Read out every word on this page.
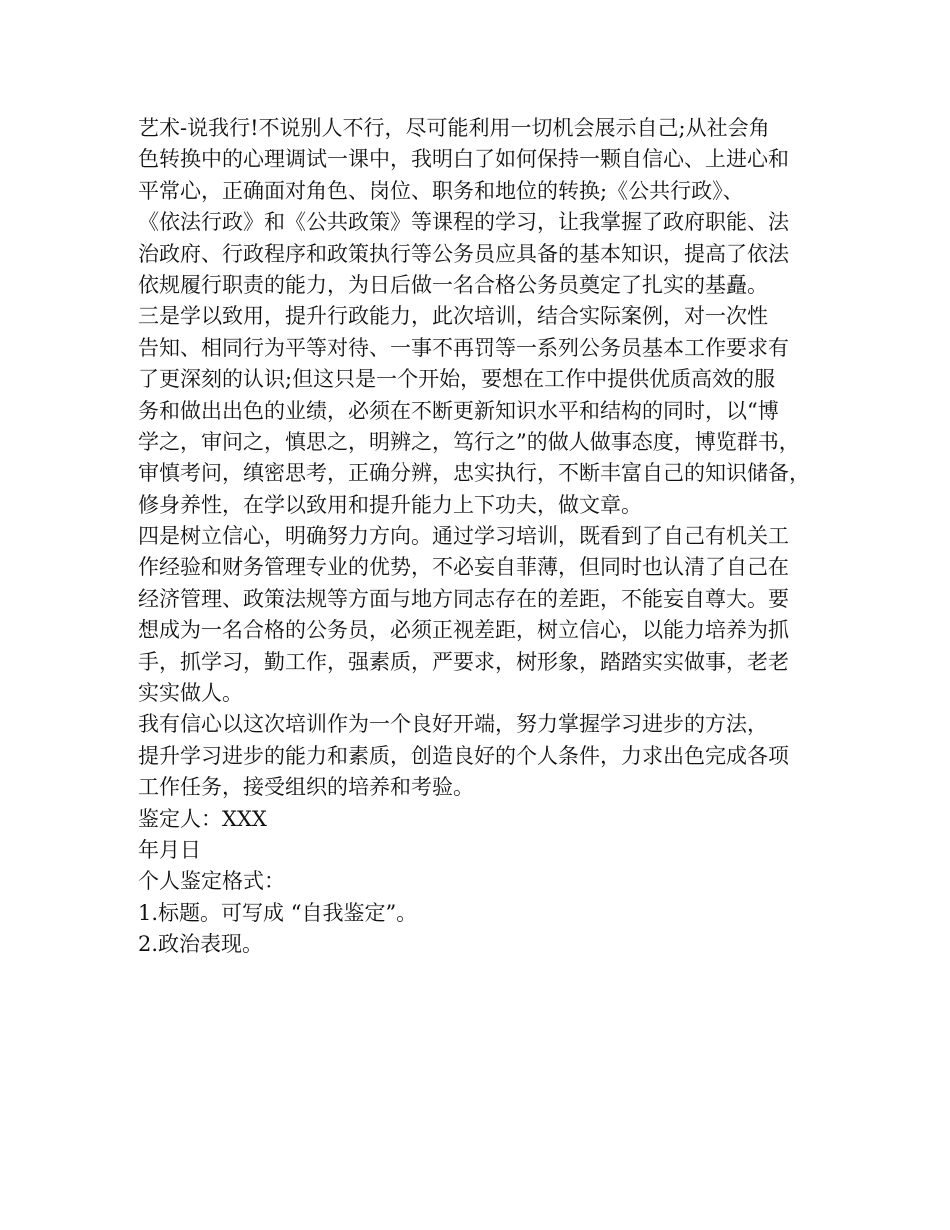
艺术-说我行!不说别人不行，尽可能利用一切机会展示自己;从社会角
色转换中的心理调试一课中，我明白了如何保持一颗自信心、上进心和
平常心，正确面对角色、岗位、职务和地位的转换;《公共行政》、
《依法行政》和《公共政策》等课程的学习，让我掌握了政府职能、法
治政府、行政程序和政策执行等公务员应具备的基本知识，提高了依法
依规履行职责的能力，为日后做一名合格公务员奠定了扎实的基矗。
三是学以致用，提升行政能力，此次培训，结合实际案例，对一次性
告知、相同行为平等对待、一事不再罚等一系列公务员基本工作要求有
了更深刻的认识;但这只是一个开始，要想在工作中提供优质高效的服
务和做出出色的业绩，必须在不断更新知识水平和结构的同时，以“博
学之，审问之，慎思之，明辨之，笃行之”的做人做事态度，博览群书，
审慎考问，缜密思考，正确分辨，忠实执行，不断丰富自己的知识储备，
修身养性，在学以致用和提升能力上下功夫，做文章。
四是树立信心，明确努力方向。通过学习培训，既看到了自己有机关工
作经验和财务管理专业的优势，不必妄自菲薄，但同时也认清了自己在
经济管理、政策法规等方面与地方同志存在的差距，不能妄自尊大。要
想成为一名合格的公务员，必须正视差距，树立信心，以能力培养为抓
手，抓学习，勤工作，强素质，严要求，树形象，踏踏实实做事，老老
实实做人。
我有信心以这次培训作为一个良好开端，努力掌握学习进步的方法，
提升学习进步的能力和素质，创造良好的个人条件，力求出色完成各项
工作任务，接受组织的培养和考验。
鉴定人：XXX
年月日
个人鉴定格式：
1.标题。可写成 “自我鉴定”。
2.政治表现。
